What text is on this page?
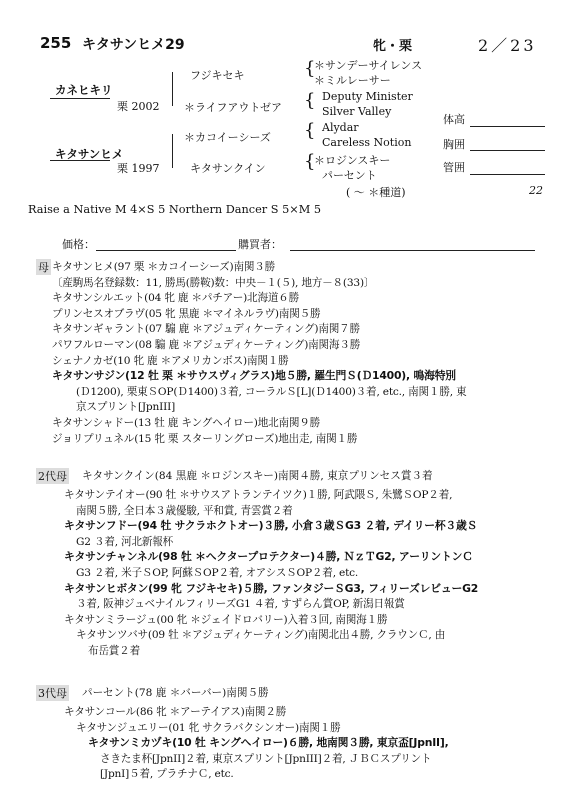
255 キタサンヒメ29	牝・栗	2／23
カネヒキリ
栗 2002
キタサンヒメ
栗 1997
フジキセキ
＊ライフアウトゼア
＊カコイーシーズ
キタサンクイン
{
{
{
{
＊サンデーサイレンス
＊ミルレーサー
Deputy Minister
Silver Valley
Alydar
Careless Notion
＊ロジンスキー
パーセント
( ～ ＊種道)	22
体高
胸囲
管囲
Raise a Native M 4×S 5 Northern Dancer S 5×M 5
価格：	購買者：
母 キタサンヒメ(97 栗 ＊カコイーシーズ)南関３勝
〔産駒馬名登録数：11, 勝馬(勝鞍)数：中央－１(５), 地方－８(33)〕
キタサンシルエット(04 牝 鹿 ＊パチアー)北海道６勝
プリンセスオブラヴ(05 牝 黒鹿 ＊マイネルラヴ)南関５勝
キタサンギャラント(07 騸 鹿 ＊アジュディケーティング)南関７勝
パワフルローマン(08 騸 鹿 ＊アジュディケーティング)南関海３勝
シェナノカゼ(10 牝 鹿 ＊アメリカンボス)南関１勝
キタサンサジン(12 牡 栗 ＊サウスヴィグラス)地５勝, 羅生門Ｓ(Ｄ1400), 鳴海特別
(Ｄ1200), 栗東ＳOP(Ｄ1400)３着, コーラルＳ[L](Ｄ1400)３着, etc., 南関１勝, 東
京スプリント[JpnIII]
キタサンシャドー(13 牡 鹿 キングヘイロー)地北南関９勝
ジョリプリュネル(15 牝 栗 スターリングローズ)地出走, 南関１勝
2代母 キタサンクイン(84 黒鹿 ＊ロジンスキー)南関４勝, 東京プリンセス賞３着
キタサンテイオー(90 牡 ＊サウスアトランテイツク)１勝, 阿武隈Ｓ, 朱鷺ＳOP２着,
南関５勝, 全日本３歳優駿, 平和賞, 青雲賞２着
キタサンフドー(94 牡 サクラホクトオー)３勝, 小倉３歳ＳG3 ２着, デイリー杯３歳Ｓ
G2 ３着, 河北新報杯
キタサンチャンネル(98 牡 ＊ヘクタープロテクター)４勝, ＮｚＴG2, アーリントンＣ
G3 ２着, 米子ＳOP, 阿蘇ＳOP２着, オアシスＳOP２着, etc.
キタサンヒボタン(99 牝 フジキセキ)５勝, ファンタジーＳG3, フィリーズレビューG2
３着, 阪神ジュベナイルフィリーズG1 ４着, すずらん賞OP, 新潟日報賞
キタサンミラージュ(00 牝 ＊ジェイドロバリー)入着３回, 南関海１勝
キタサンツバサ(09 牡 ＊アジュディケーティング)南関北出４勝, クラウンＣ, 由
布岳賞２着
3代母 パーセント(78 鹿 ＊バーバー)南関５勝
キタサンコール(86 牝 ＊アーテイアス)南関２勝
キタサンジュエリー(01 牝 サクラバクシンオー)南関１勝
キタサンミカヅキ(10 牡 キングヘイロー)６勝, 地南関３勝, 東京盃[JpnII],
さきたま杯[JpnII]２着, 東京スプリント[JpnIII]２着, ＪＢＣスプリント
[JpnI]５着, プラチナＣ, etc.
